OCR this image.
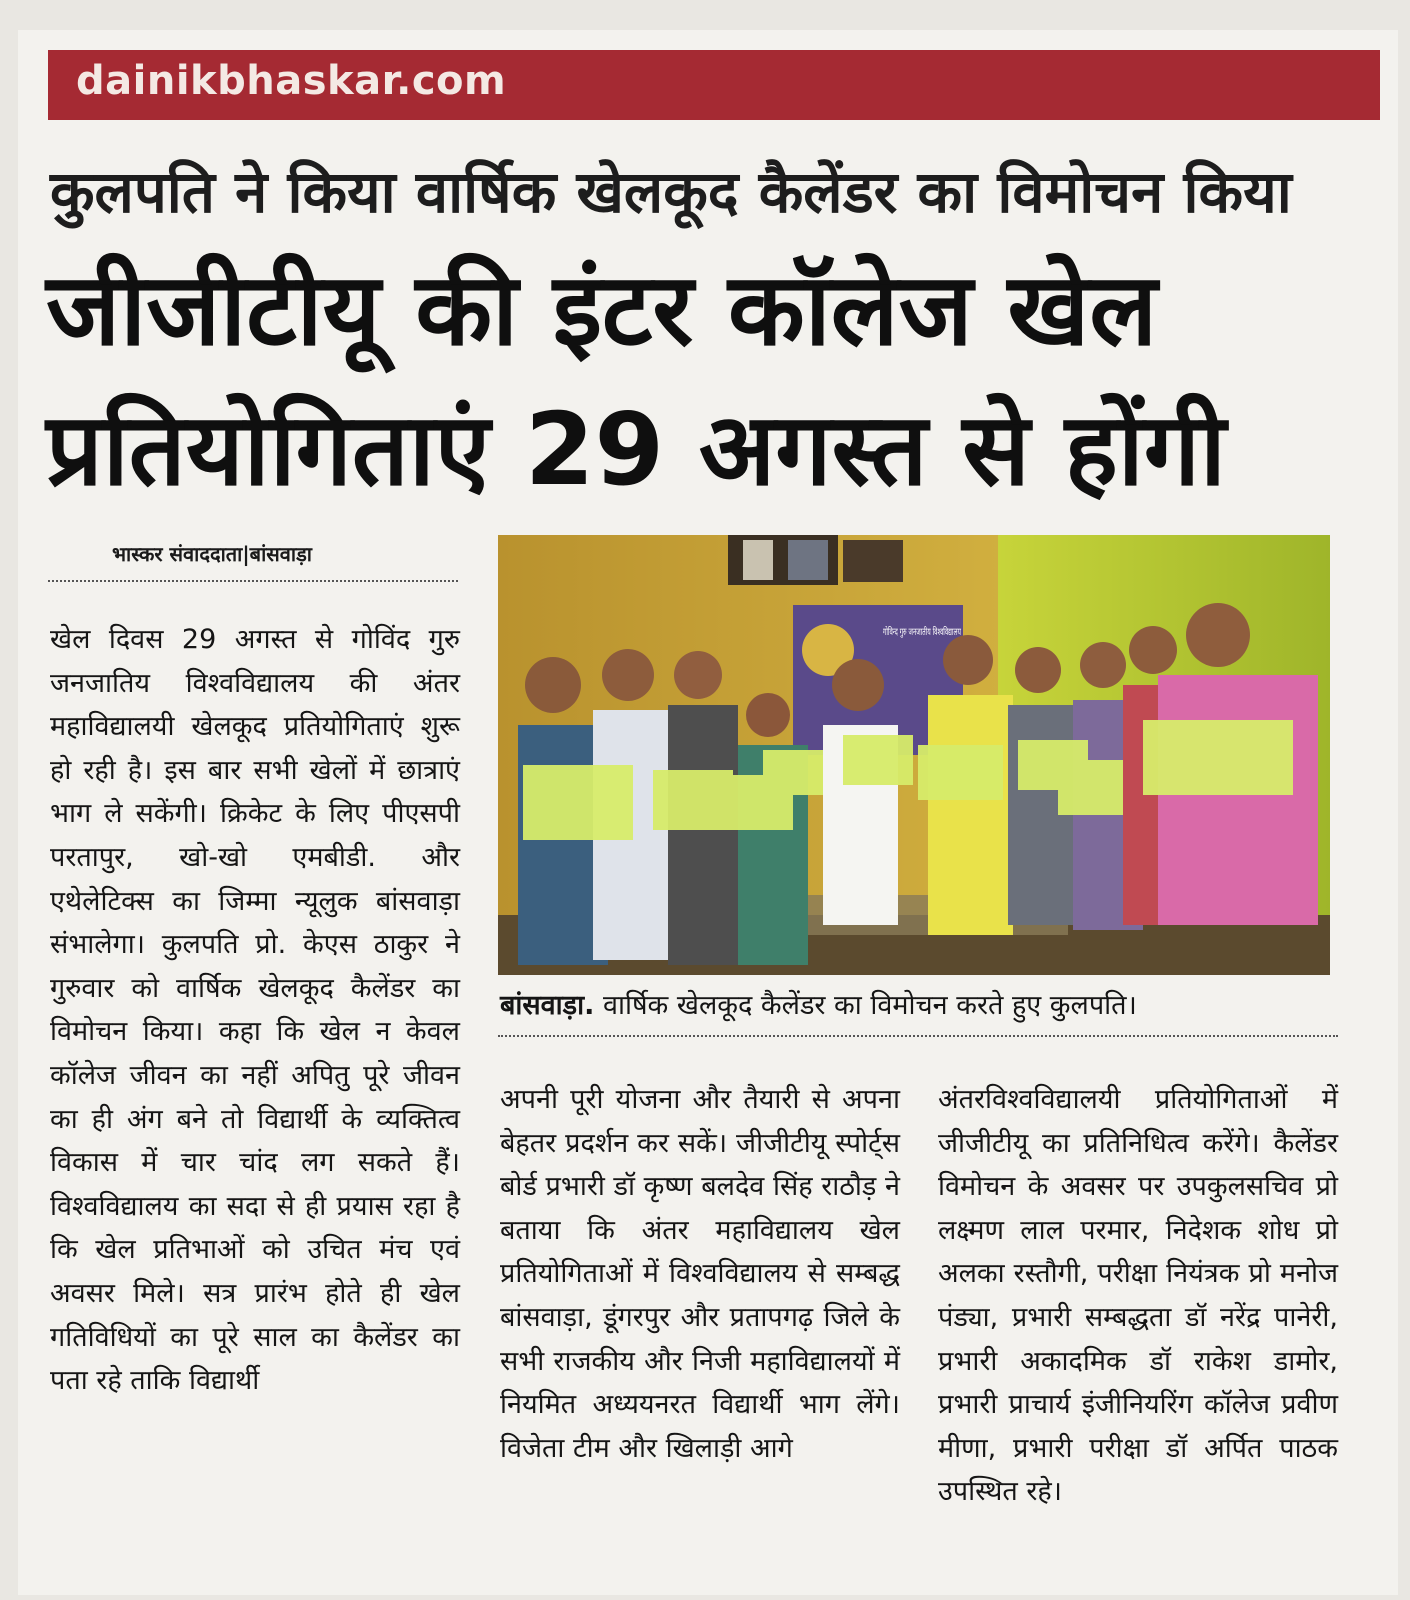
dainikbhaskar.com
कुलपति ने किया वार्षिक खेलकूद कैलेंडर का विमोचन किया
जीजीटीयू की इंटर कॉलेज खेल
प्रतियोगिताएं 29 अगस्त से होंगी
भास्कर संवाददाता|बांसवाड़ा
खेल दिवस 29 अगस्त से गोविंद गुरु जनजातिय विश्वविद्यालय की अंतर महाविद्यालयी खेलकूद प्रतियोगिताएं शुरू हो रही है। इस बार सभी खेलों में छात्राएं भाग ले सकेंगी। क्रिकेट के लिए पीएसपी परतापुर, खो-खो एमबीडी. और एथेलेटिक्स का जिम्मा न्यूलुक बांसवाड़ा संभालेगा। कुलपति प्रो. केएस ठाकुर ने गुरुवार को वार्षिक खेलकूद कैलेंडर का विमोचन किया। कहा कि खेल न केवल कॉलेज जीवन का नहीं अपितु पूरे जीवन का ही अंग बने तो विद्यार्थी के व्यक्तित्व विकास में चार चांद लग सकते हैं। विश्वविद्यालय का सदा से ही प्रयास रहा है कि खेल प्रतिभाओं को उचित मंच एवं अवसर मिले। सत्र प्रारंभ होते ही खेल गतिविधियों का पूरे साल का कैलेंडर का पता रहे ताकि विद्यार्थी
गोविन्द गुरु जनजातीय विश्वविद्यालय
बांसवाड़ा. वार्षिक खेलकूद कैलेंडर का विमोचन करते हुए कुलपति।
अपनी पूरी योजना और तैयारी से अपना बेहतर प्रदर्शन कर सकें। जीजीटीयू स्पोर्ट्स बोर्ड प्रभारी डॉ कृष्ण बलदेव सिंह राठौड़ ने बताया कि अंतर महाविद्यालय खेल प्रतियोगिताओं में विश्वविद्यालय से सम्बद्ध बांसवाड़ा, डूंगरपुर और प्रतापगढ़ जिले के सभी राजकीय और निजी महाविद्यालयों में नियमित अध्ययनरत विद्यार्थी भाग लेंगे। विजेता टीम और खिलाड़ी आगे
अंतरविश्वविद्यालयी प्रतियोगिताओं में जीजीटीयू का प्रतिनिधित्व करेंगे। कैलेंडर विमोचन के अवसर पर उपकुलसचिव प्रो लक्ष्मण लाल परमार, निदेशक शोध प्रो अलका रस्तौगी, परीक्षा नियंत्रक प्रो मनोज पंड्या, प्रभारी सम्बद्धता डॉ नरेंद्र पानेरी, प्रभारी अकादमिक डॉ राकेश डामोर, प्रभारी प्राचार्य इंजीनियरिंग कॉलेज प्रवीण मीणा, प्रभारी परीक्षा डॉ अर्पित पाठक उपस्थित रहे।
